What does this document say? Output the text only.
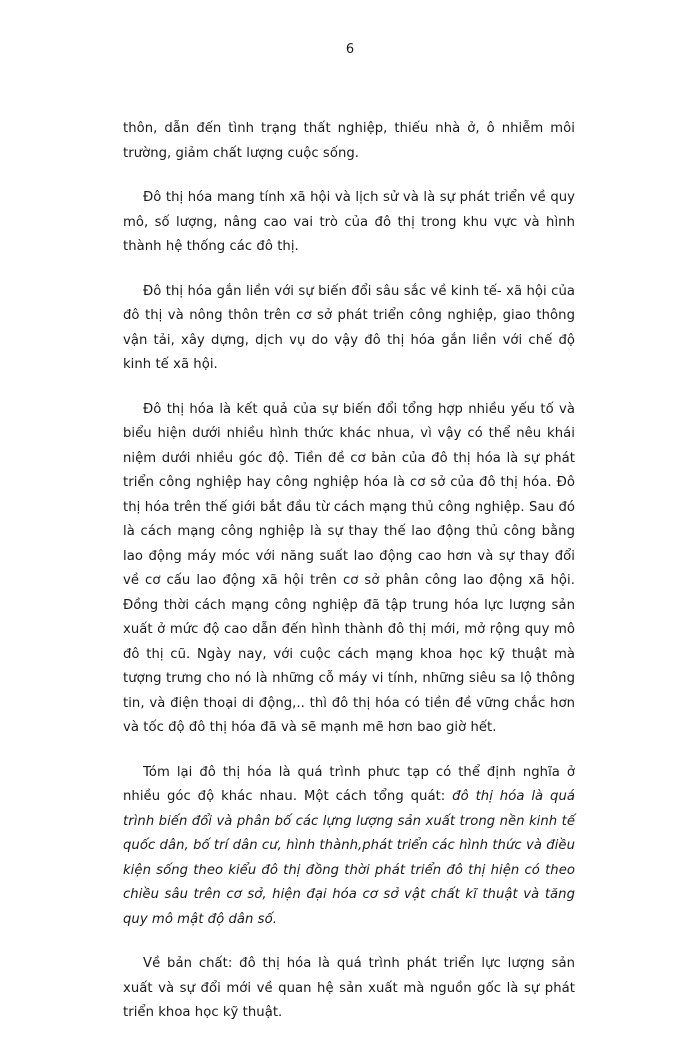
6

thôn, dẫn đến tình trạng thất nghiệp, thiếu nhà ở, ô nhiễm môi trường, giảm chất lượng cuộc sống.

Đô thị hóa mang tính xã hội và lịch sử và là sự phát triển về quy mô, số lượng, nâng cao vai trò của đô thị trong khu vực và hình thành hệ thống các đô thị.

Đô thị hóa gắn liền với sự biến đổi sâu sắc về kinh tế- xã hội của đô thị và nông thôn trên cơ sở phát triển công nghiệp, giao thông vận tải, xây dựng, dịch vụ do vậy đô thị hóa gắn liền với chế độ kinh tế xã hội.

Đô thị hóa là kết quả của sự biến đổi tổng hợp nhiều yếu tố và biểu hiện dưới nhiều hình thức khác nhua, vì vậy có thể nêu khái niệm dưới nhiều góc độ. Tiền đề cơ bản của đô thị hóa là sự phát triển công nghiệp hay công nghiệp hóa là cơ sở của đô thị hóa. Đô thị hóa trên thế giới bắt đầu từ cách mạng thủ công nghiệp. Sau đó là cách mạng công nghiệp là sự thay thế lao động thủ công bằng lao động máy móc với năng suất lao động cao hơn và sự thay đổi về cơ cấu lao động xã hội trên cơ sở phân công lao động xã hội. Đồng thời cách mạng công nghiệp đã tập trung hóa lực lượng sản xuất ở mức độ cao dẫn đến hình thành đô thị mới, mở rộng quy mô đô thị cũ. Ngày nay, với cuộc cách mạng khoa học kỹ thuật mà tượng trưng cho nó là những cỗ máy vi tính, những siêu sa lộ thông tin, và điện thoại di động,.. thì đô thị hóa có tiền đề vững chắc hơn và tốc độ đô thị hóa đã và sẽ mạnh mẽ hơn bao giờ hết.

Tóm lại đô thị hóa là quá trình phưc tạp có thể định nghĩa ở nhiều góc độ khác nhau. Một cách tổng quát: đô thị hóa là quá trình biến đổi và phân bố các lựng lượng sản xuất trong nền kinh tế quốc dân, bố trí dân cư, hình thành,phát triển các hình thức và điều kiện sống theo kiểu đô thị đồng thời phát triển đô thị hiện có theo chiều sâu trên cơ sở, hiện đại hóa cơ sở vật chất kĩ thuật và tăng quy mô mật độ dân số.

Về bản chất: đô thị hóa là quá trình phát triển lực lượng sản xuất và sự đổi mới về quan hệ sản xuất mà nguồn gốc là sự phát triển khoa học kỹ thuật.
